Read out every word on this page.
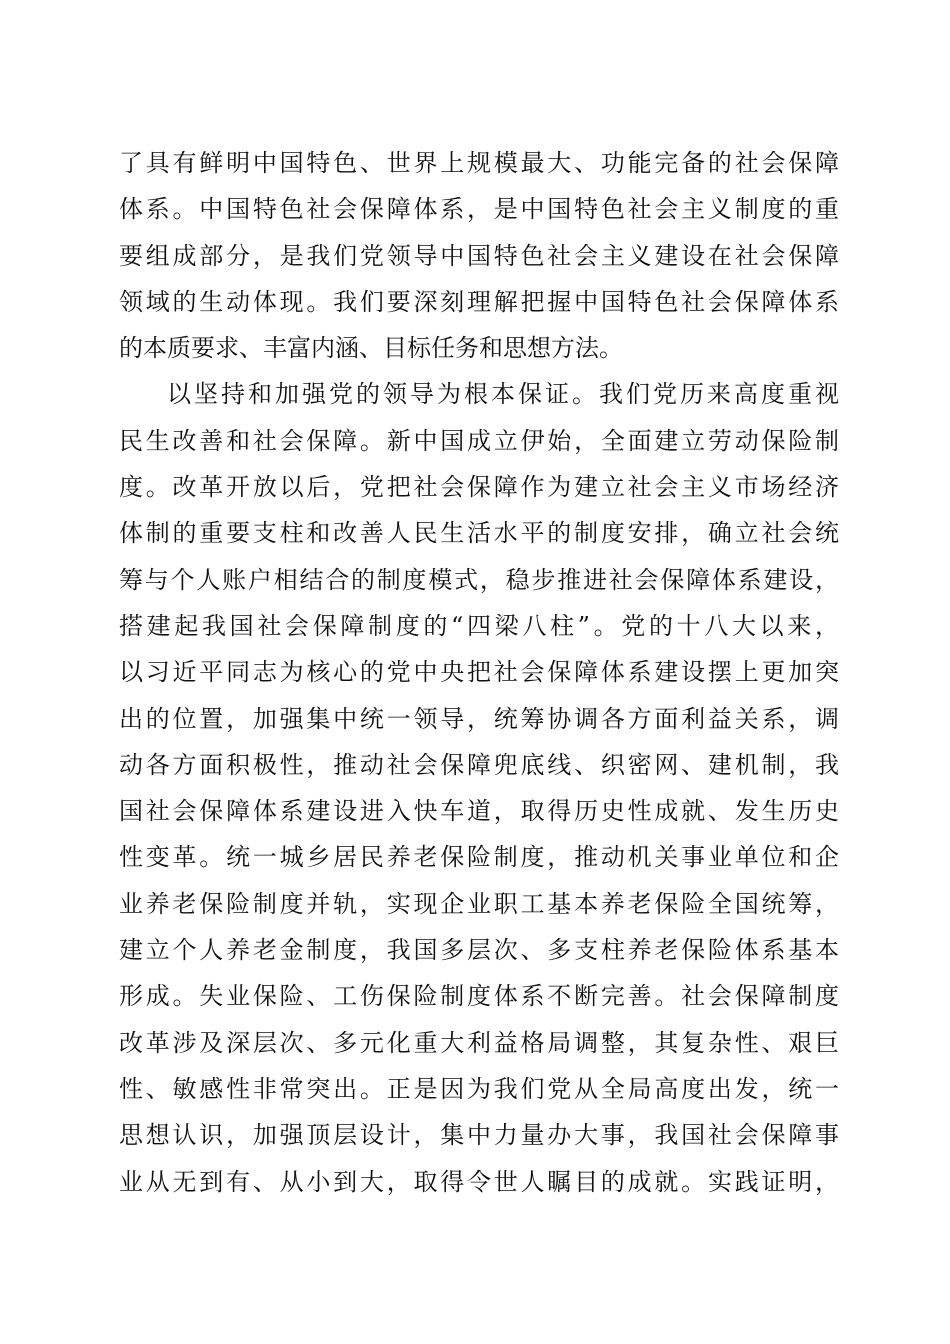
了具有鲜明中国特色、世界上规模最大、功能完备的社会保障
体系。中国特色社会保障体系，是中国特色社会主义制度的重
要组成部分，是我们党领导中国特色社会主义建设在社会保障
领域的生动体现。我们要深刻理解把握中国特色社会保障体系
的本质要求、丰富内涵、目标任务和思想方法。
以坚持和加强党的领导为根本保证。我们党历来高度重视
民生改善和社会保障。新中国成立伊始，全面建立劳动保险制
度。改革开放以后，党把社会保障作为建立社会主义市场经济
体制的重要支柱和改善人民生活水平的制度安排，确立社会统
筹与个人账户相结合的制度模式，稳步推进社会保障体系建设，
搭建起我国社会保障制度的“四梁八柱”。党的十八大以来，
以习近平同志为核心的党中央把社会保障体系建设摆上更加突
出的位置，加强集中统一领导，统筹协调各方面利益关系，调
动各方面积极性，推动社会保障兜底线、织密网、建机制，我
国社会保障体系建设进入快车道，取得历史性成就、发生历史
性变革。统一城乡居民养老保险制度，推动机关事业单位和企
业养老保险制度并轨，实现企业职工基本养老保险全国统筹，
建立个人养老金制度，我国多层次、多支柱养老保险体系基本
形成。失业保险、工伤保险制度体系不断完善。社会保障制度
改革涉及深层次、多元化重大利益格局调整，其复杂性、艰巨
性、敏感性非常突出。正是因为我们党从全局高度出发，统一
思想认识，加强顶层设计，集中力量办大事，我国社会保障事
业从无到有、从小到大，取得令世人瞩目的成就。实践证明，
